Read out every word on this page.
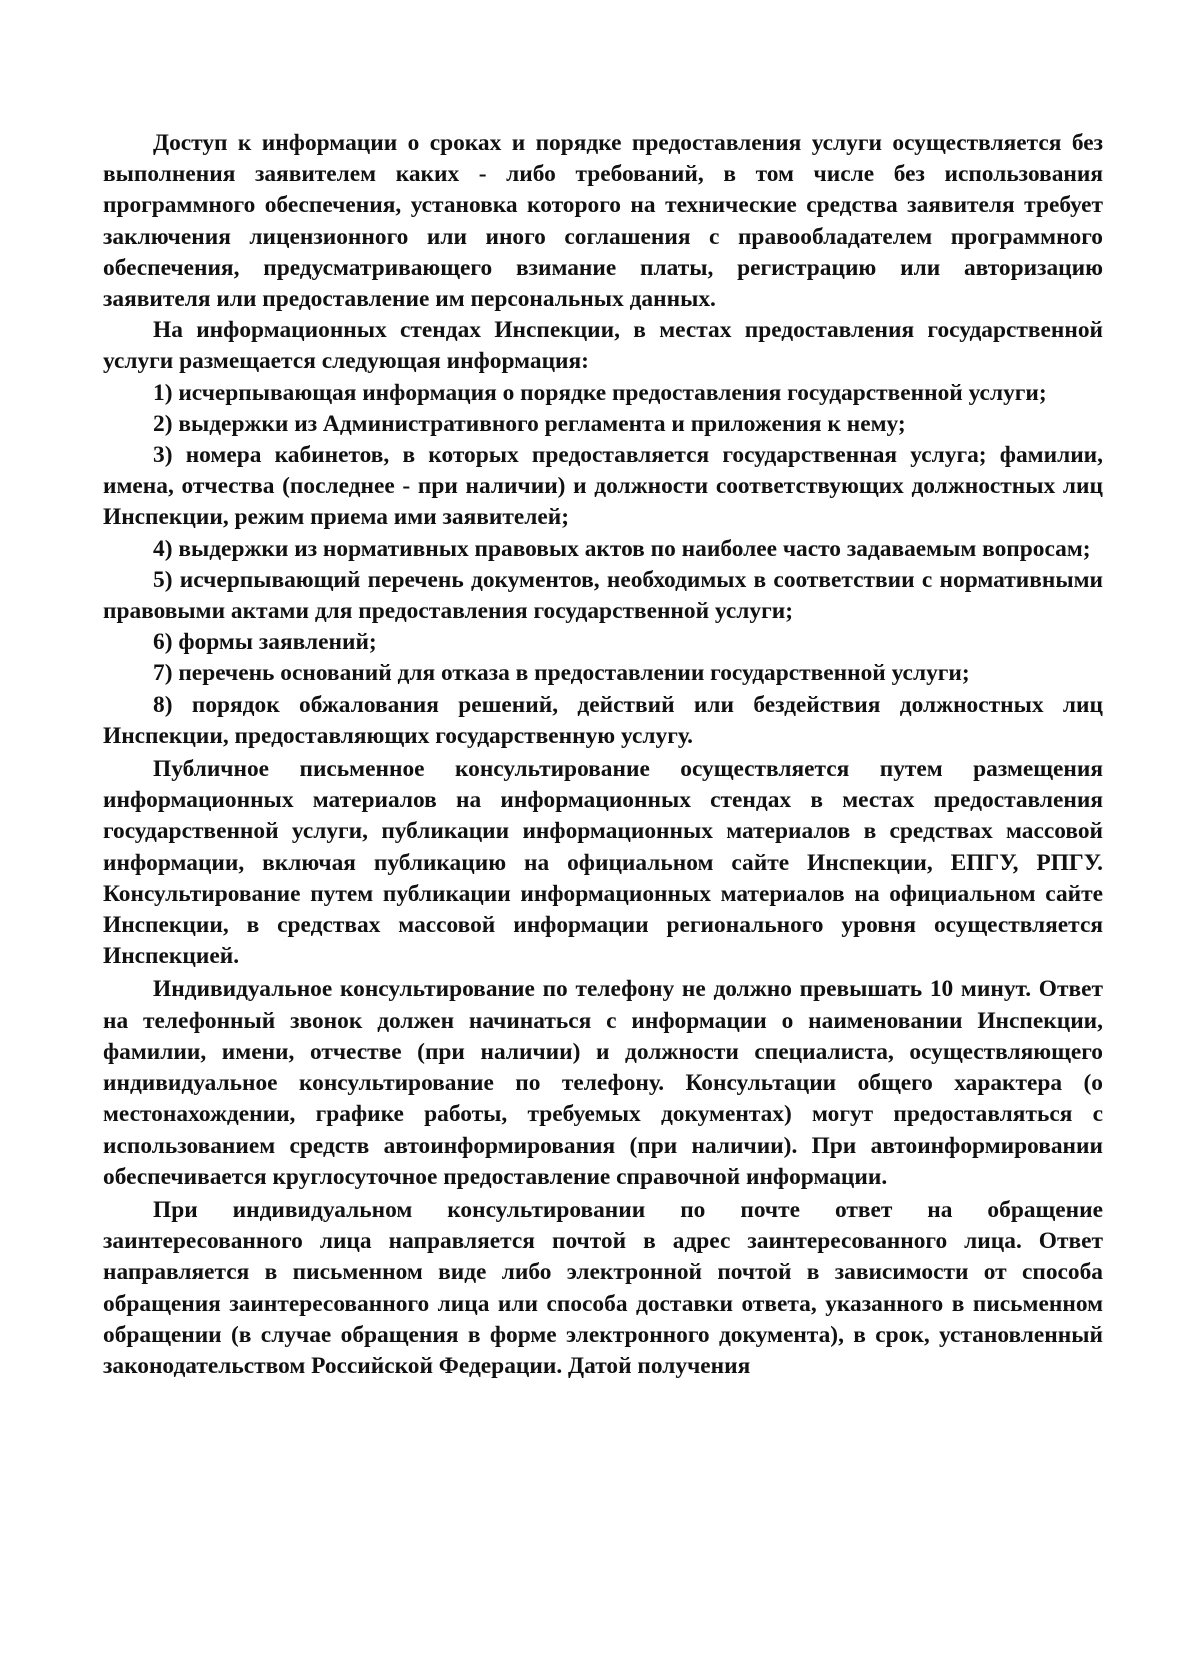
Доступ к информации о сроках и порядке предоставления услуги осуществляется без выполнения заявителем каких - либо требований, в том числе без использования программного обеспечения, установка которого на технические средства заявителя требует заключения лицензионного или иного соглашения с правообладателем программного обеспечения, предусматривающего взимание платы, регистрацию или авторизацию заявителя или предоставление им персональных данных.

На информационных стендах Инспекции, в местах предоставления государственной услуги размещается следующая информация:

1) исчерпывающая информация о порядке предоставления государственной услуги;

2) выдержки из Административного регламента и приложения к нему;

3) номера кабинетов, в которых предоставляется государственная услуга; фамилии, имена, отчества (последнее - при наличии) и должности соответствующих должностных лиц Инспекции, режим приема ими заявителей;

4) выдержки из нормативных правовых актов по наиболее часто задаваемым вопросам;

5) исчерпывающий перечень документов, необходимых в соответствии с нормативными правовыми актами для предоставления государственной услуги;

6) формы заявлений;

7) перечень оснований для отказа в предоставлении государственной услуги;

8) порядок обжалования решений, действий или бездействия должностных лиц Инспекции, предоставляющих государственную услугу.

Публичное письменное консультирование осуществляется путем размещения информационных материалов на информационных стендах в местах предоставления государственной услуги, публикации информационных материалов в средствах массовой информации, включая публикацию на официальном сайте Инспекции, ЕПГУ, РПГУ. Консультирование путем публикации информационных материалов на официальном сайте Инспекции, в средствах массовой информации регионального уровня осуществляется Инспекцией.

Индивидуальное консультирование по телефону не должно превышать 10 минут. Ответ на телефонный звонок должен начинаться с информации о наименовании Инспекции, фамилии, имени, отчестве (при наличии) и должности специалиста, осуществляющего индивидуальное консультирование по телефону. Консультации общего характера (о местонахождении, графике работы, требуемых документах) могут предоставляться с использованием средств автоинформирования (при наличии). При автоинформировании обеспечивается круглосуточное предоставление справочной информации.

При индивидуальном консультировании по почте ответ на обращение заинтересованного лица направляется почтой в адрес заинтересованного лица. Ответ направляется в письменном виде либо электронной почтой в зависимости от способа обращения заинтересованного лица или способа доставки ответа, указанного в письменном обращении (в случае обращения в форме электронного документа), в срок, установленный законодательством Российской Федерации. Датой получения
